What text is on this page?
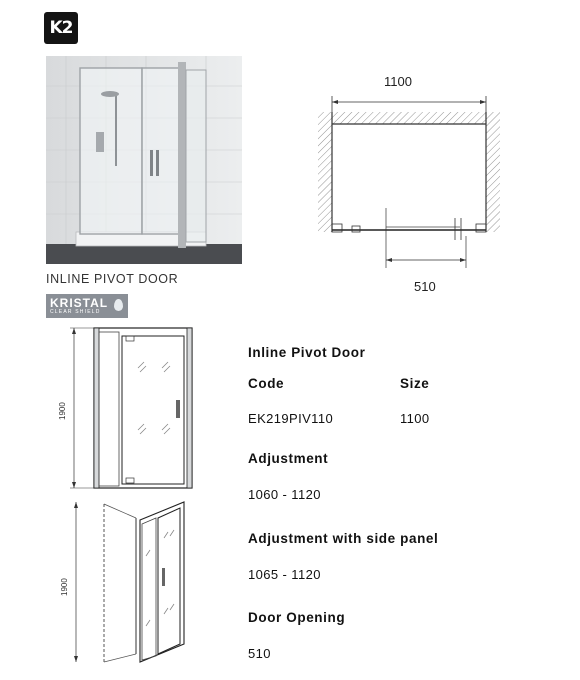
K2
INLINE PIVOT DOOR
KRISTAL
CLEAR SHIELD
1100
510
1900
1900
Inline Pivot Door
Code	Size
EK219PIV110	1100
Adjustment
1060 - 1120
Adjustment with side panel
1065 - 1120
Door Opening
510
